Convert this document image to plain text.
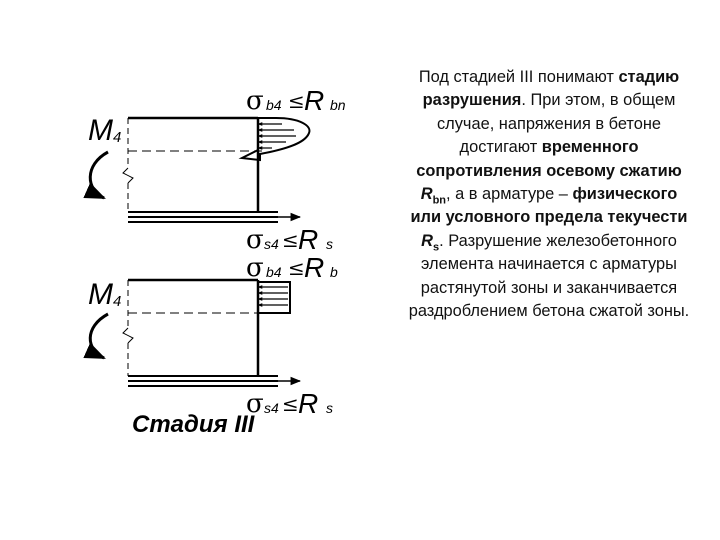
M 4
σ b4 ≤ R bn
σ s4 ≤ R s
M 4
σ b4 ≤ R b
σ s4 ≤ R s
Стадия III
Под стадией III понимают стадию разрушения. При этом, в общем случае, напряжения в бетоне достигают временного сопротивления осевому сжатию $R_{bn}$, а в арматуре – физического или условного предела текучести $R_s$. Разрушение железобетонного элемента начинается с арматуры растянутой зоны и заканчивается раздроблением бетона сжатой зоны.
